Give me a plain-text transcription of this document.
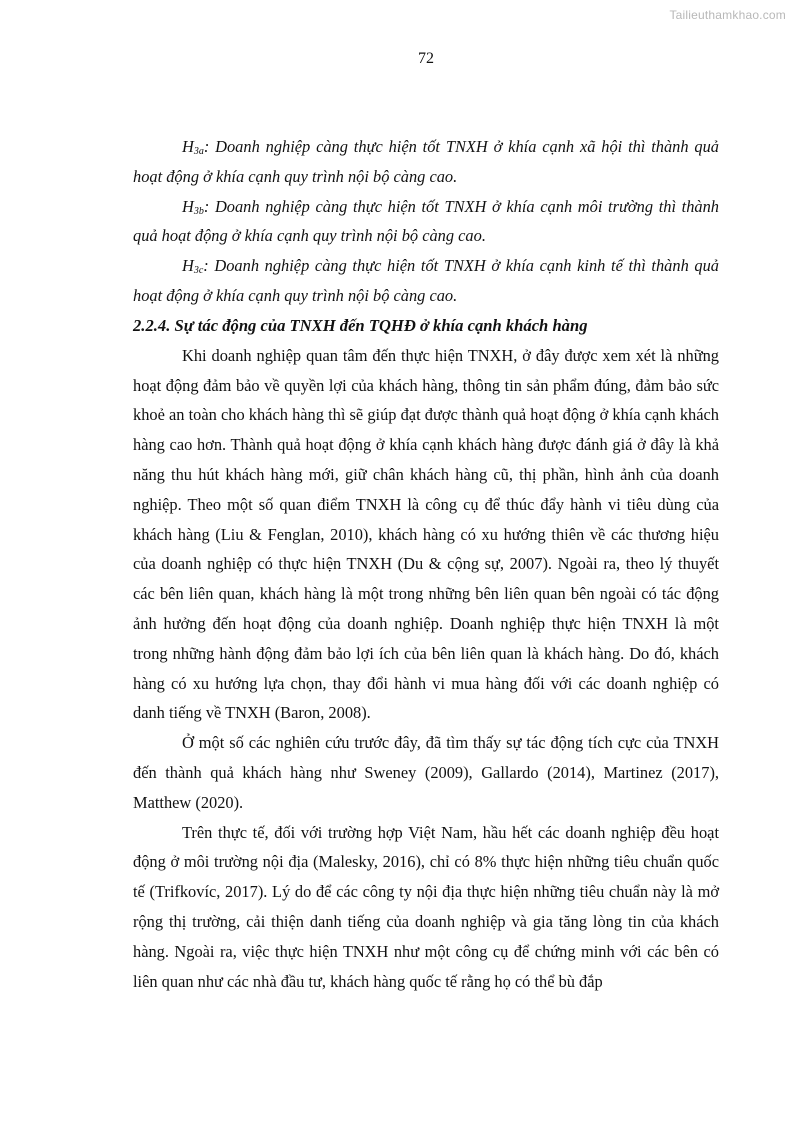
Tailieuthamkhao.com
72

$H_{3a}$: Doanh nghiệp càng thực hiện tốt TNXH ở khía cạnh xã hội thì thành quả hoạt động ở khía cạnh quy trình nội bộ càng cao.

$H_{3b}$: Doanh nghiệp càng thực hiện tốt TNXH ở khía cạnh môi trường thì thành quả hoạt động ở khía cạnh quy trình nội bộ càng cao.

$H_{3c}$: Doanh nghiệp càng thực hiện tốt TNXH ở khía cạnh kinh tế thì thành quả hoạt động ở khía cạnh quy trình nội bộ càng cao.

2.2.4. Sự tác động của TNXH đến TQHĐ ở khía cạnh khách hàng

Khi doanh nghiệp quan tâm đến thực hiện TNXH, ở đây được xem xét là những hoạt động đảm bảo về quyền lợi của khách hàng, thông tin sản phẩm đúng, đảm bảo sức khoẻ an toàn cho khách hàng thì sẽ giúp đạt được thành quả hoạt động ở khía cạnh khách hàng cao hơn. Thành quả hoạt động ở khía cạnh khách hàng được đánh giá ở đây là khả năng thu hút khách hàng mới, giữ chân khách hàng cũ, thị phần, hình ảnh của doanh nghiệp. Theo một số quan điểm TNXH là công cụ để thúc đẩy hành vi tiêu dùng của khách hàng (Liu & Fenglan, 2010), khách hàng có xu hướng thiên về các thương hiệu của doanh nghiệp có thực hiện TNXH (Du & cộng sự, 2007). Ngoài ra, theo lý thuyết các bên liên quan, khách hàng là một trong những bên liên quan bên ngoài có tác động ảnh hưởng đến hoạt động của doanh nghiệp. Doanh nghiệp thực hiện TNXH là một trong những hành động đảm bảo lợi ích của bên liên quan là khách hàng. Do đó, khách hàng có xu hướng lựa chọn, thay đổi hành vi mua hàng đối với các doanh nghiệp có danh tiếng về TNXH (Baron, 2008).

Ở một số các nghiên cứu trước đây, đã tìm thấy sự tác động tích cực của TNXH đến thành quả khách hàng như Sweney (2009), Gallardo (2014), Martinez (2017), Matthew (2020).

Trên thực tế, đối với trường hợp Việt Nam, hầu hết các doanh nghiệp đều hoạt động ở môi trường nội địa (Malesky, 2016), chỉ có 8% thực hiện những tiêu chuẩn quốc tế (Trifkovíc, 2017). Lý do để các công ty nội địa thực hiện những tiêu chuẩn này là mở rộng thị trường, cải thiện danh tiếng của doanh nghiệp và gia tăng lòng tin của khách hàng. Ngoài ra, việc thực hiện TNXH như một công cụ để chứng minh với các bên có liên quan như các nhà đầu tư, khách hàng quốc tế rằng họ có thể bù đắp
